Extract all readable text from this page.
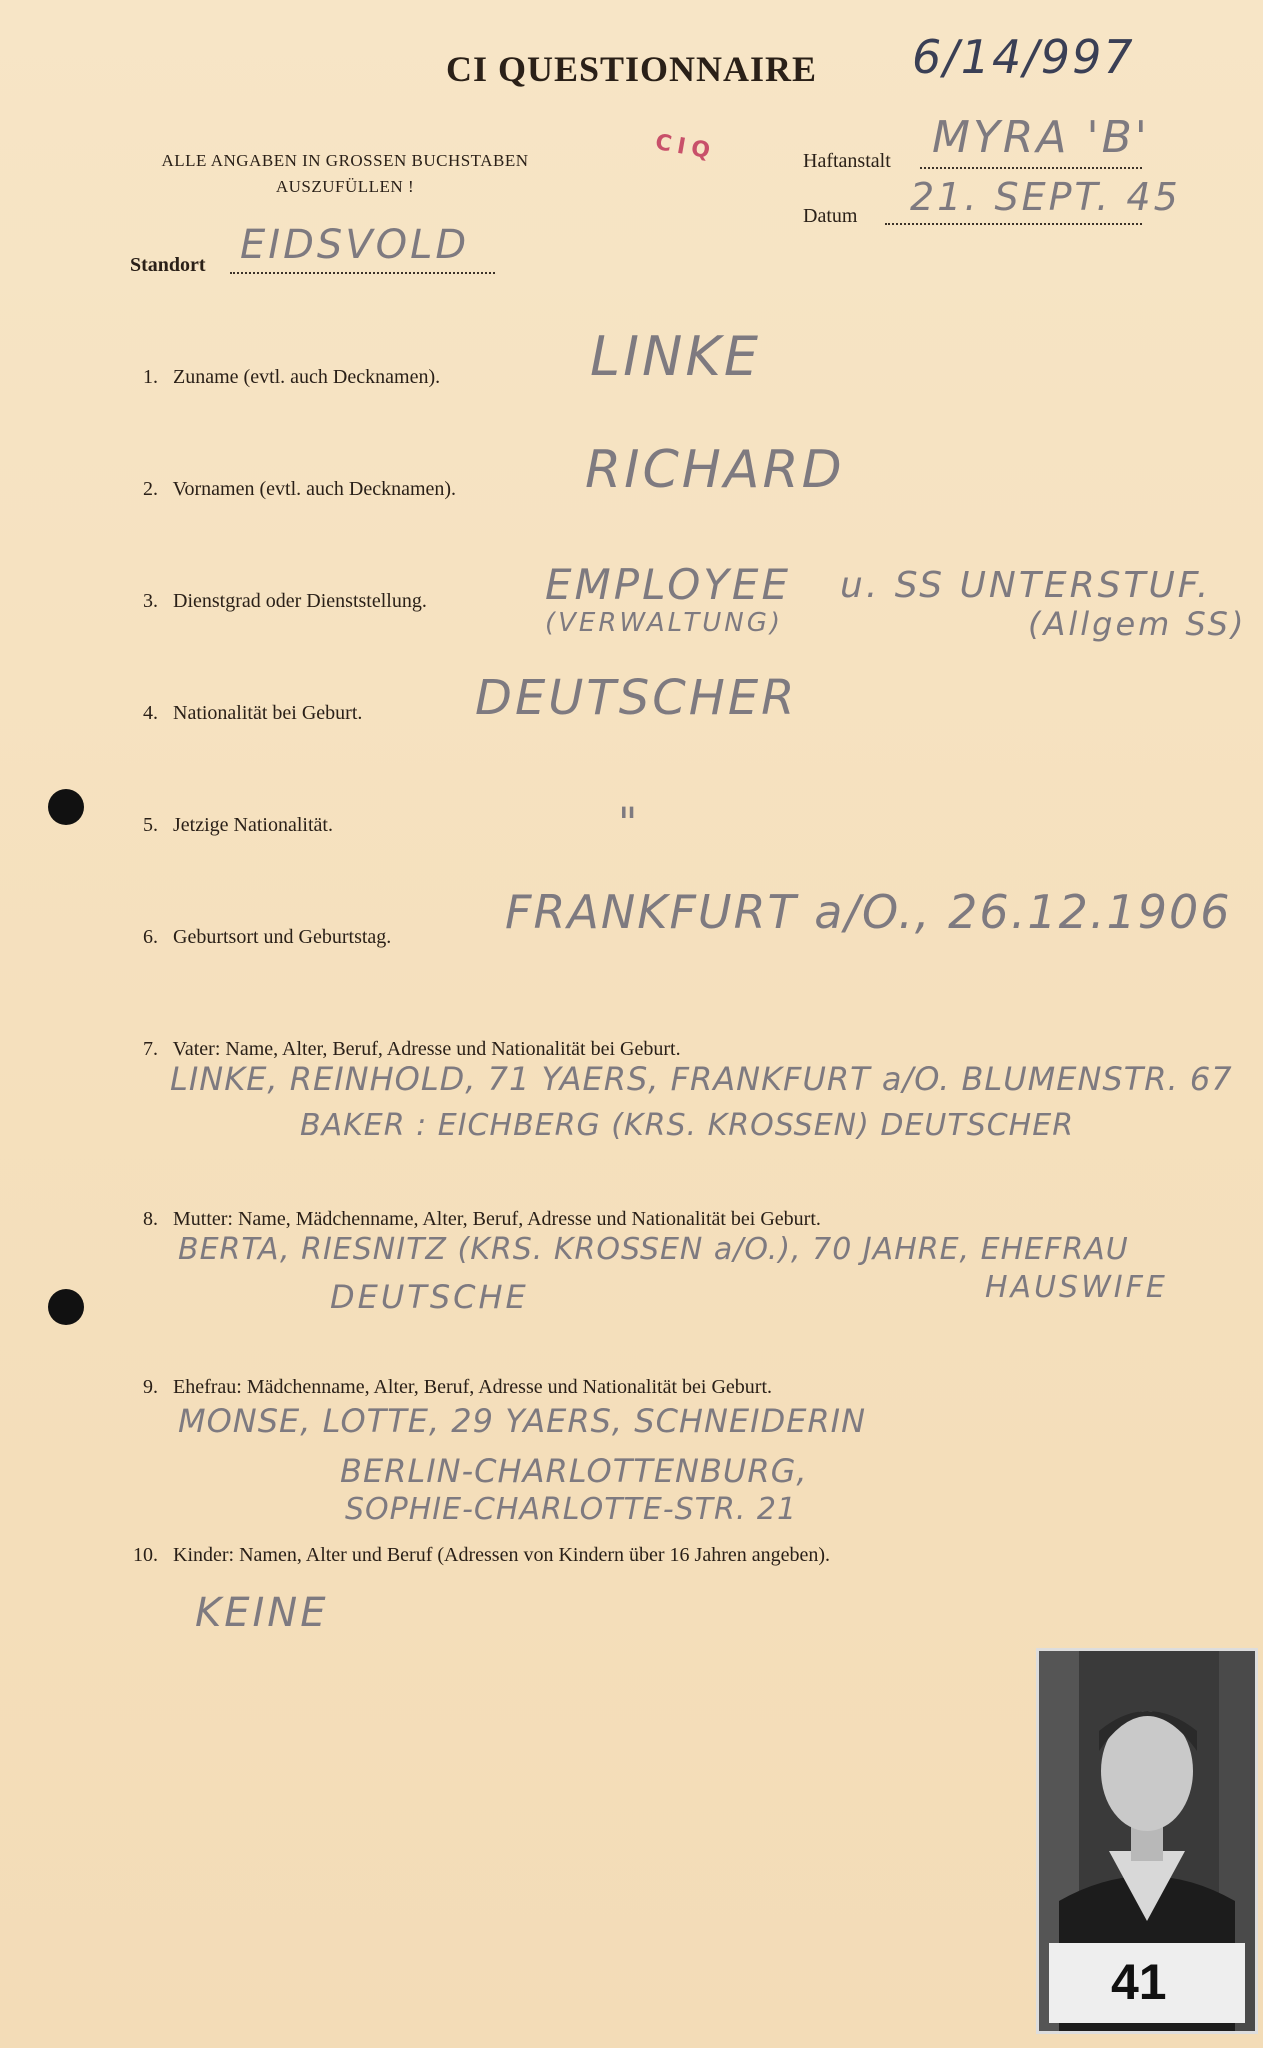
CI QUESTIONNAIRE	6/14/997
ALLE ANGABEN IN GROSSEN BUCHSTABEN
AUSZUFÜLLEN !
CIQ	Haftanstalt MYRA 'B'
Datum 21. SEPT. 45
Standort EIDSVOLD
1. Zuname (evtl. auch Decknamen).	LINKE
2. Vornamen (evtl. auch Decknamen). RICHARD
3. Dienstgrad oder Dienststellung.	EMPLOYEE
(VERWALTUNG)
u. SS UNTERSTUF.
(Allgem SS)
4. Nationalität bei Geburt. DEUTSCHER
5. Jetzige Nationalität.	"
6. Geburtsort und Geburtstag. FRANKFURT a/O., 26.12.1906
7. Vater: Name, Alter, Beruf, Adresse und Nationalität bei Geburt.
LINKE, REINHOLD, 71 YAERS, FRANKFURT a/O. BLUMENSTR. 67
BAKER : EICHBERG (KRS. KROSSEN) DEUTSCHER
8. Mutter: Name, Mädchenname, Alter, Beruf, Adresse und Nationalität bei Geburt.
BERTA, RIESNITZ (KRS. KROSSEN a/O.), 70 JAHRE, EHEFRAU
DEUTSCHE	HAUSWIFE
9. Ehefrau: Mädchenname, Alter, Beruf, Adresse und Nationalität bei Geburt.
MONSE, LOTTE, 29 YAERS, SCHNEIDERIN
BERLIN-CHARLOTTENBURG,
SOPHIE-CHARLOTTE-STR. 21
10. Kinder: Namen, Alter und Beruf (Adressen von Kindern über 16 Jahren angeben).
KEINE
41
